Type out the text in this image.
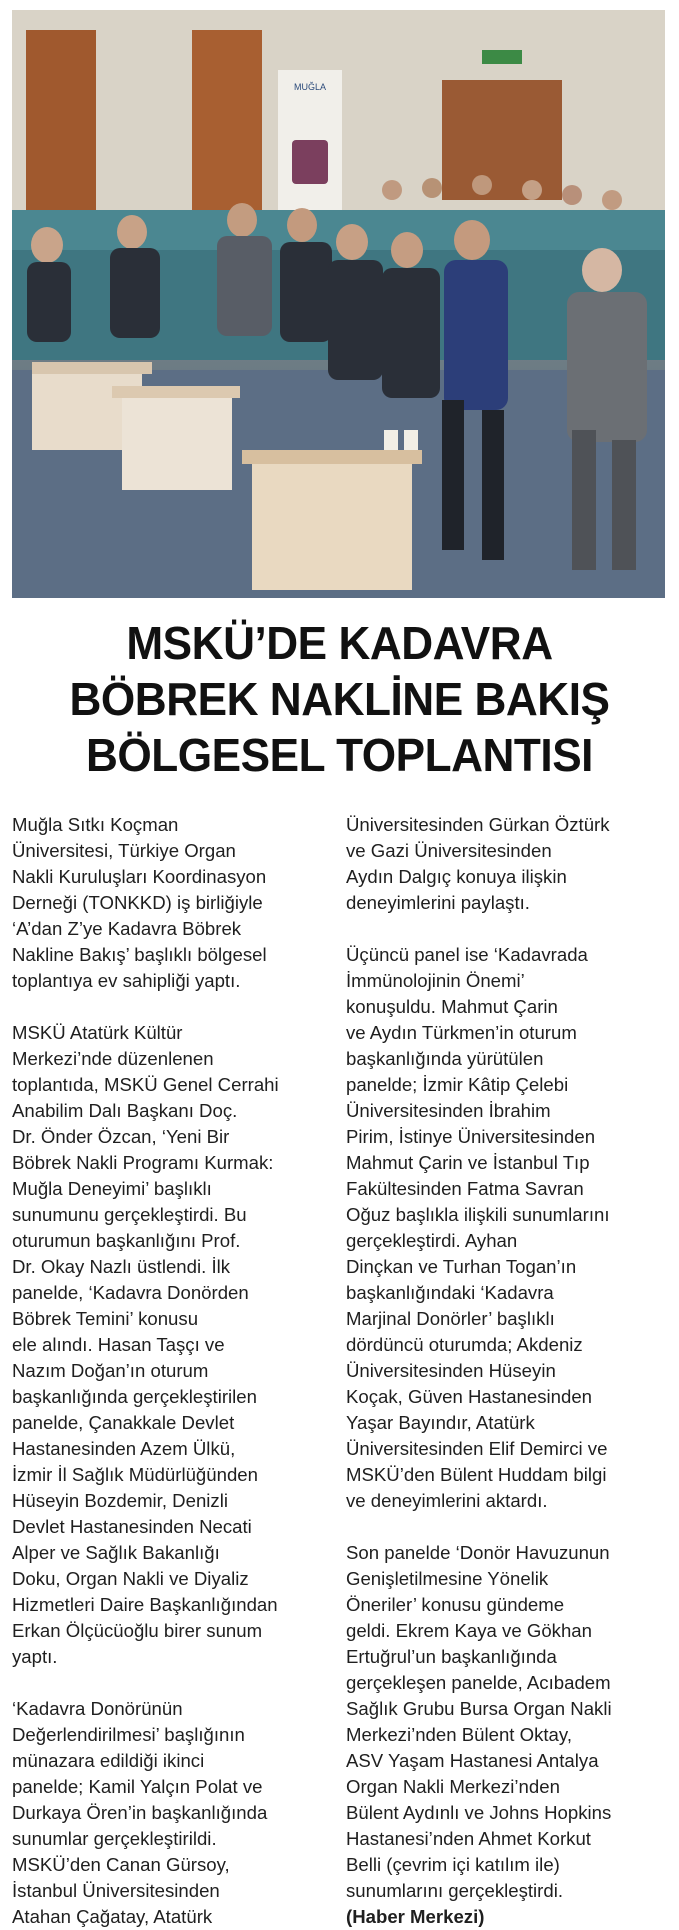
MUĞLA
MSKÜ’DE KADAVRA
BÖBREK NAKLİNE BAKIŞ
BÖLGESEL TOPLANTISI

Muğla Sıtkı Koçman
Üniversitesi, Türkiye Organ
Nakli Kuruluşları Koordinasyon
Derneği (TONKKD) iş birliğiyle
‘A’dan Z’ye Kadavra Böbrek
Nakline Bakış’ başlıklı bölgesel
toplantıya ev sahipliği yaptı.

MSKÜ Atatürk Kültür
Merkezi’nde düzenlenen
toplantıda, MSKÜ Genel Cerrahi
Anabilim Dalı Başkanı Doç.
Dr. Önder Özcan, ‘Yeni Bir
Böbrek Nakli Programı Kurmak:
Muğla Deneyimi’ başlıklı
sunumunu gerçekleştirdi. Bu
oturumun başkanlığını Prof.
Dr. Okay Nazlı üstlendi. İlk
panelde, ‘Kadavra Donörden
Böbrek Temini’ konusu
ele alındı. Hasan Taşçı ve
Nazım Doğan’ın oturum
başkanlığında gerçekleştirilen
panelde, Çanakkale Devlet
Hastanesinden Azem Ülkü,
İzmir İl Sağlık Müdürlüğünden
Hüseyin Bozdemir, Denizli
Devlet Hastanesinden Necati
Alper ve Sağlık Bakanlığı
Doku, Organ Nakli ve Diyaliz
Hizmetleri Daire Başkanlığından
Erkan Ölçücüoğlu birer sunum
yaptı.

‘Kadavra Donörünün
Değerlendirilmesi’ başlığının
münazara edildiği ikinci
panelde; Kamil Yalçın Polat ve
Durkaya Ören’in başkanlığında
sunumlar gerçekleştirildi.
MSKÜ’den Canan Gürsoy,
İstanbul Üniversitesinden
Atahan Çağatay, Atatürk

Üniversitesinden Gürkan Öztürk
ve Gazi Üniversitesinden
Aydın Dalgıç konuya ilişkin
deneyimlerini paylaştı.

Üçüncü panel ise ‘Kadavrada
İmmünolojinin Önemi’
konuşuldu. Mahmut Çarin
ve Aydın Türkmen’in oturum
başkanlığında yürütülen
panelde; İzmir Kâtip Çelebi
Üniversitesinden İbrahim
Pirim, İstinye Üniversitesinden
Mahmut Çarin ve İstanbul Tıp
Fakültesinden Fatma Savran
Oğuz başlıkla ilişkili sunumlarını
gerçekleştirdi. Ayhan
Dinçkan ve Turhan Togan’ın
başkanlığındaki ‘Kadavra
Marjinal Donörler’ başlıklı
dördüncü oturumda; Akdeniz
Üniversitesinden Hüseyin
Koçak, Güven Hastanesinden
Yaşar Bayındır, Atatürk
Üniversitesinden Elif Demirci ve
MSKÜ’den Bülent Huddam bilgi
ve deneyimlerini aktardı.

Son panelde ‘Donör Havuzunun
Genişletilmesine Yönelik
Öneriler’ konusu gündeme
geldi. Ekrem Kaya ve Gökhan
Ertuğrul’un başkanlığında
gerçekleşen panelde, Acıbadem
Sağlık Grubu Bursa Organ Nakli
Merkezi’nden Bülent Oktay,
ASV Yaşam Hastanesi Antalya
Organ Nakli Merkezi’nden
Bülent Aydınlı ve Johns Hopkins
Hastanesi’nden Ahmet Korkut
Belli (çevrim içi katılım ile)
sunumlarını gerçekleştirdi.
(Haber Merkezi)
